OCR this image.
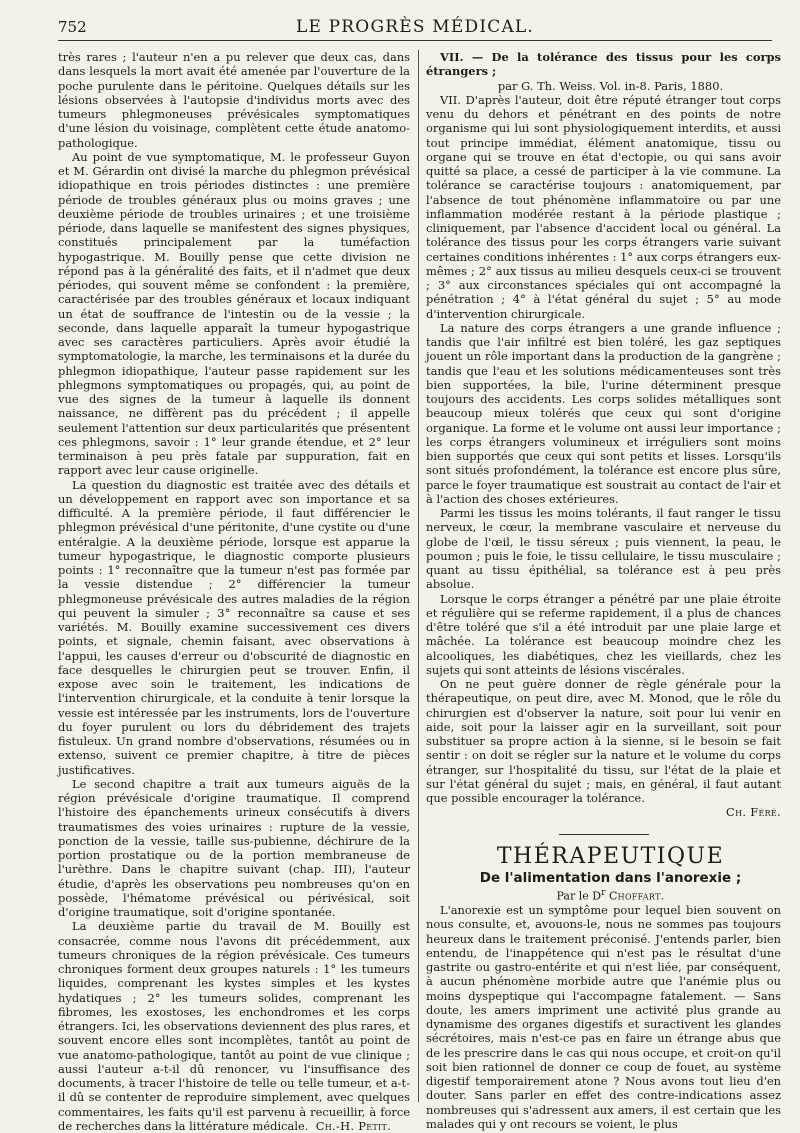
752	LE PROGRÈS MÉDICAL.

très rares ; l'auteur n'en a pu relever que deux cas, dans dans lesquels la mort avait été amenée par l'ouverture de la poche purulente dans le péritoine. Quelques détails sur les lésions observées à l'autopsie d'individus morts avec des tumeurs phlegmoneuses prévésicales symptomatiques d'une lésion du voisinage, complètent cette étude anatomo-pathologique.

Au point de vue symptomatique, M. le professeur Guyon et M. Gérardin ont divisé la marche du phlegmon prévésical idiopathique en trois périodes distinctes : une première période de troubles généraux plus ou moins graves ; une deuxième période de troubles urinaires ; et une troisième période, dans laquelle se manifestent des signes physiques, constitués principalement par la tuméfaction hypogastrique. M. Bouilly pense que cette division ne répond pas à la généralité des faits, et il n'admet que deux périodes, qui souvent même se confondent : la première, caractérisée par des troubles généraux et locaux indiquant un état de souffrance de l'intestin ou de la vessie ; la seconde, dans laquelle apparaît la tumeur hypogastrique avec ses caractères particuliers. Après avoir étudié la symptomatologie, la marche, les terminaisons et la durée du phlegmon idiopathique, l'auteur passe rapidement sur les phlegmons symptomatiques ou propagés, qui, au point de vue des signes de la tumeur à laquelle ils donnent naissance, ne diffèrent pas du précédent ; il appelle seulement l'attention sur deux particularités que présentent ces phlegmons, savoir : 1° leur grande étendue, et 2° leur terminaison à peu près fatale par suppuration, fait en rapport avec leur cause originelle.

La question du diagnostic est traitée avec des détails et un développement en rapport avec son importance et sa difficulté. A la première période, il faut différencier le phlegmon prévésical d'une péritonite, d'une cystite ou d'une entéralgie. A la deuxième période, lorsque est apparue la tumeur hypogastrique, le diagnostic comporte plusieurs points : 1° reconnaître que la tumeur n'est pas formée par la vessie distendue ; 2° différencier la tumeur phlegmoneuse prévésicale des autres maladies de la région qui peuvent la simuler ; 3° reconnaître sa cause et ses variétés. M. Bouilly examine successivement ces divers points, et signale, chemin faisant, avec observations à l'appui, les causes d'erreur ou d'obscurité de diagnostic en face desquelles le chirurgien peut se trouver. Enfin, il expose avec soin le traitement, les indications de l'intervention chirurgicale, et la conduite à tenir lorsque la vessie est intéressée par les instruments, lors de l'ouverture du foyer purulent ou lors du débridement des trajets fistuleux. Un grand nombre d'observations, résumées ou in extenso, suivent ce premier chapitre, à titre de pièces justificatives.

Le second chapitre a trait aux tumeurs aiguës de la région prévésicale d'origine traumatique. Il comprend l'histoire des épanchements urineux consécutifs à divers traumatismes des voies urinaires : rupture de la vessie, ponction de la vessie, taille sus-pubienne, déchirure de la portion prostatique ou de la portion membraneuse de l'urèthre. Dans le chapitre suivant (chap. III), l'auteur étudie, d'après les observations peu nombreuses qu'on en possède, l'hématome prévésical ou périvésical, soit d'origine traumatique, soit d'origine spontanée.

La deuxième partie du travail de M. Bouilly est consacrée, comme nous l'avons dit précédemment, aux tumeurs chroniques de la région prévésicale. Ces tumeurs chroniques forment deux groupes naturels : 1° les tumeurs liquides, comprenant les kystes simples et les kystes hydatiques ; 2° les tumeurs solides, comprenant les fibromes, les exostoses, les enchondromes et les corps étrangers. Ici, les observations deviennent des plus rares, et souvent encore elles sont incomplètes, tantôt au point de vue anatomo-pathologique, tantôt au point de vue clinique ; aussi l'auteur a-t-il dû renoncer, vu l'insuffisance des documents, à tracer l'histoire de telle ou telle tumeur, et a-t-il dû se contenter de reproduire simplement, avec quelques commentaires, les faits qu'il est parvenu à recueillir, à force de recherches dans la littérature médicale. Ch.-H. Petit.

VII. — De la tolérance des tissus pour les corps étrangers ;

par G. Th. Weiss. Vol. in-8. Paris, 1880.

VII. D'après l'auteur, doit être réputé étranger tout corps venu du dehors et pénétrant en des points de notre organisme qui lui sont physiologiquement interdits, et aussi tout principe immédiat, élément anatomique, tissu ou organe qui se trouve en état d'ectopie, ou qui sans avoir quitté sa place, a cessé de participer à la vie commune. La tolérance se caractérise toujours : anatomiquement, par l'absence de tout phénomène inflammatoire ou par une inflammation modérée restant à la période plastique ; cliniquement, par l'absence d'accident local ou général. La tolérance des tissus pour les corps étrangers varie suivant certaines conditions inhérentes : 1° aux corps étrangers eux-mêmes ; 2° aux tissus au milieu desquels ceux-ci se trouvent ; 3° aux circonstances spéciales qui ont accompagné la pénétration ; 4° à l'état général du sujet ; 5° au mode d'intervention chirurgicale.

La nature des corps étrangers a une grande influence ; tandis que l'air infiltré est bien toléré, les gaz septiques jouent un rôle important dans la production de la gangrène ; tandis que l'eau et les solutions médicamenteuses sont très bien supportées, la bile, l'urine déterminent presque toujours des accidents. Les corps solides métalliques sont beaucoup mieux tolérés que ceux qui sont d'origine organique. La forme et le volume ont aussi leur importance ; les corps étrangers volumineux et irréguliers sont moins bien supportés que ceux qui sont petits et lisses. Lorsqu'ils sont situés profondément, la tolérance est encore plus sûre, parce le foyer traumatique est soustrait au contact de l'air et à l'action des choses extérieures.

Parmi les tissus les moins tolérants, il faut ranger le tissu nerveux, le cœur, la membrane vasculaire et nerveuse du globe de l'œil, le tissu séreux ; puis viennent, la peau, le poumon ; puis le foie, le tissu cellulaire, le tissu musculaire ; quant au tissu épithélial, sa tolérance est à peu près absolue.

Lorsque le corps étranger a pénétré par une plaie étroite et régulière qui se referme rapidement, il a plus de chances d'être toléré que s'il a été introduit par une plaie large et mâchée. La tolérance est beaucoup moindre chez les alcooliques, les diabétiques, chez les vieillards, chez les sujets qui sont atteints de lésions viscérales.

On ne peut guère donner de règle générale pour la thérapeutique, on peut dire, avec M. Monod, que le rôle du chirurgien est d'observer la nature, soit pour lui venir en aide, soit pour la laisser agir en la surveillant, soit pour substituer sa propre action à la sienne, si le besoin se fait sentir : on doit se régler sur la nature et le volume du corps étranger, sur l'hospitalité du tissu, sur l'état de la plaie et sur l'état général du sujet ; mais, en général, il faut autant que possible encourager la tolérance.

Ch. Féré.

THÉRAPEUTIQUE

De l'alimentation dans l'anorexie ;

Par le $D^r$ Choffart.

L'anorexie est un symptôme pour lequel bien souvent on nous consulte, et, avouons-le, nous ne sommes pas toujours heureux dans le traitement préconisé. J'entends parler, bien entendu, de l'inappétence qui n'est pas le résultat d'une gastrite ou gastro-entérite et qui n'est liée, par conséquent, à aucun phénomène morbide autre que l'anémie plus ou moins dyspeptique qui l'accompagne fatalement. — Sans doute, les amers impriment une activité plus grande au dynamisme des organes digestifs et suractivent les glandes sécrétoires, mais n'est-ce pas en faire un étrange abus que de les prescrire dans le cas qui nous occupe, et croit-on qu'il soit bien rationnel de donner ce coup de fouet, au système digestif temporairement atone ? Nous avons tout lieu d'en douter. Sans parler en effet des contre-indications assez nombreuses qui s'adressent aux amers, il est certain que les malades qui y ont recours se voient, le plus
